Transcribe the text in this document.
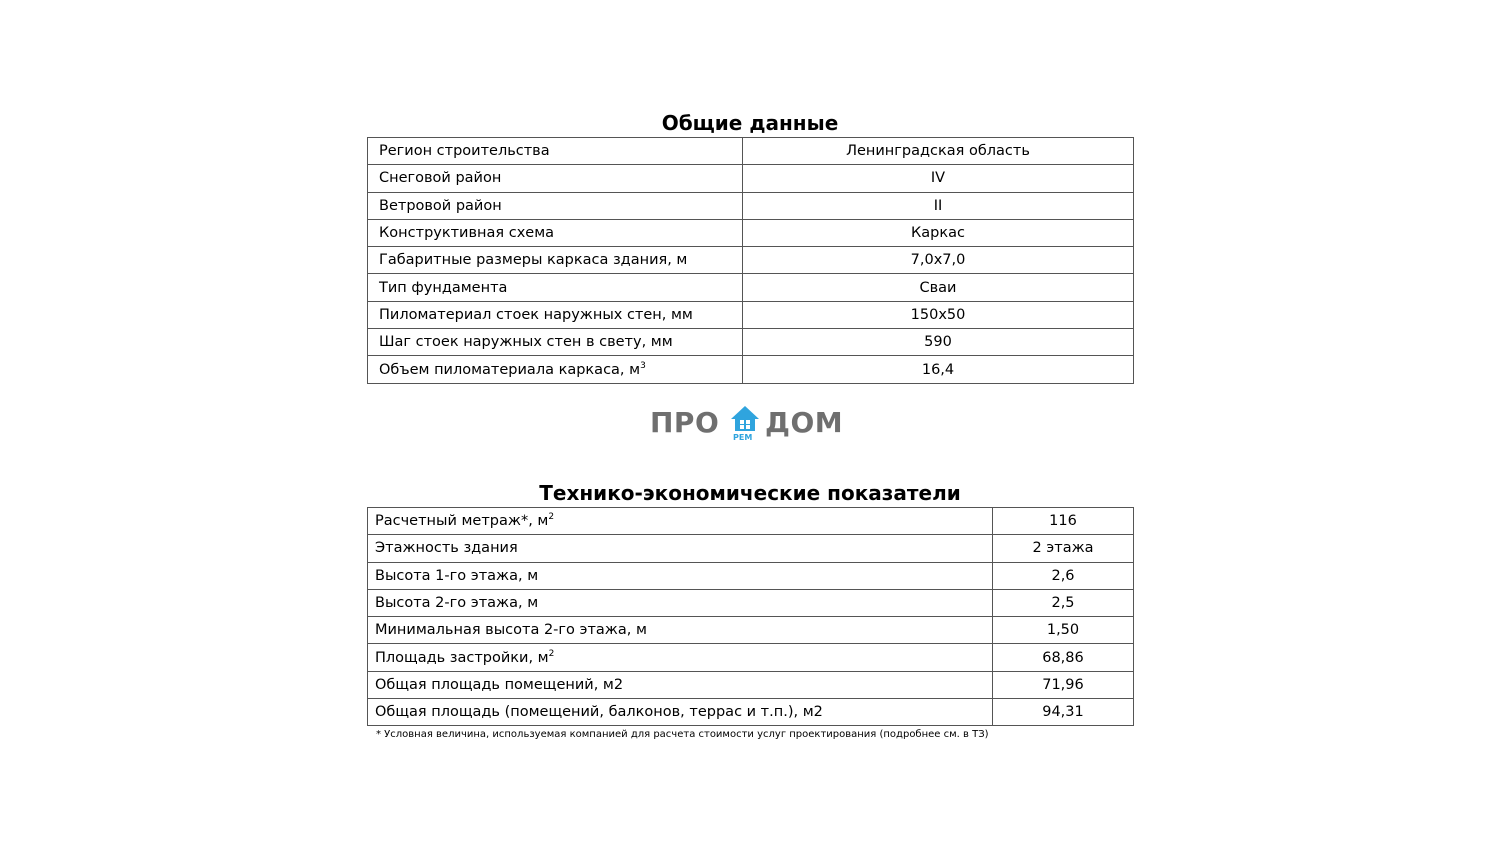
Общие данные
Регион строительства	Ленинградская область
Снеговой район	IV
Ветровой район	II
Конструктивная схема	Каркас
Габаритные размеры каркаса здания, м	7,0х7,0
Тип фундамента	Сваи
Пиломатериал стоек наружных стен, мм	150х50
Шаг стоек наружных стен в свету, мм	590
Объем пиломатериала каркаса, $м^3$	16,4
ПРО РЕМ ДОМ
Технико-экономические показатели
Расчетный метраж*, $м^2$	116
Этажность здания	2 этажа
Высота 1-го этажа, м	2,6
Высота 2-го этажа, м	2,5
Минимальная высота 2-го этажа, м	1,50
Площадь застройки, $м^2$	68,86
Общая площадь помещений, м2	71,96
Общая площадь (помещений, балконов, террас и т.п.), м2	94,31
* Условная величина, используемая компанией для расчета стоимости услуг проектирования (подробнее см. в ТЗ)
